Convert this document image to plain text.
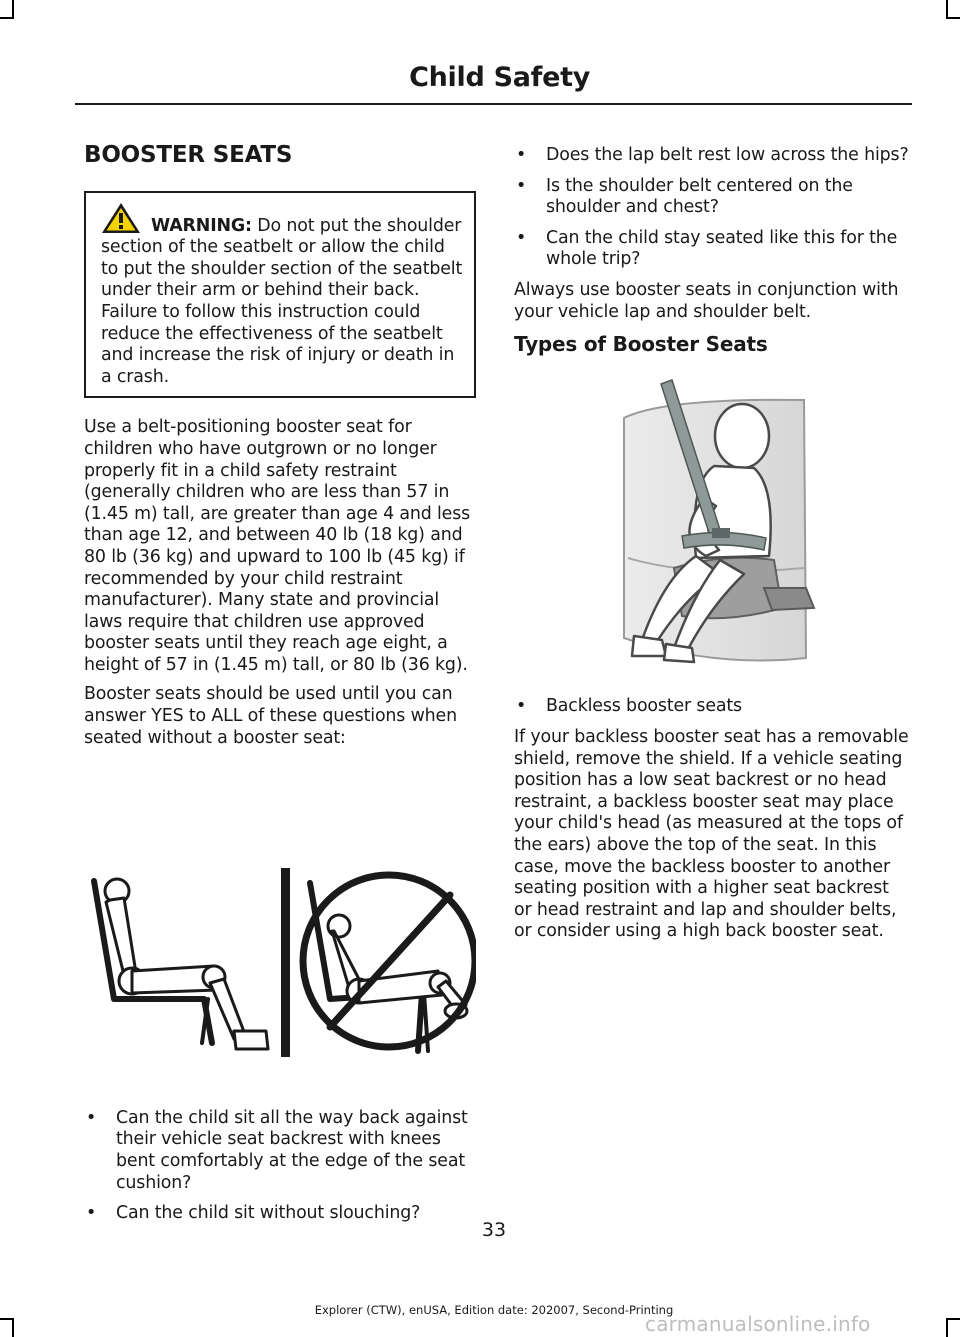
Child Safety
BOOSTER SEATS

WARNING: Do not put the shoulder section of the seatbelt or allow the child to put the shoulder section of the seatbelt under their arm or behind their back. Failure to follow this instruction could reduce the effectiveness of the seatbelt and increase the risk of injury or death in a crash.

Use a belt-positioning booster seat for children who have outgrown or no longer properly fit in a child safety restraint (generally children who are less than 57 in (1.45 m) tall, are greater than age 4 and less than age 12, and between 40 lb (18 kg) and 80 lb (36 kg) and upward to 100 lb (45 kg) if recommended by your child restraint manufacturer). Many state and provincial laws require that children use approved booster seats until they reach age eight, a height of 57 in (1.45 m) tall, or 80 lb (36 kg).

Booster seats should be used until you can answer YES to ALL of these questions when seated without a booster seat:

• Can the child sit all the way back against their vehicle seat backrest with knees bent comfortably at the edge of the seat cushion?
• Can the child sit without slouching?
• Does the lap belt rest low across the hips?
• Is the shoulder belt centered on the shoulder and chest?
• Can the child stay seated like this for the whole trip?

Always use booster seats in conjunction with your vehicle lap and shoulder belt.

Types of Booster Seats
• Backless booster seats

If your backless booster seat has a removable shield, remove the shield. If a vehicle seating position has a low seat backrest or no head restraint, a backless booster seat may place your child's head (as measured at the tops of the ears) above the top of the seat. In this case, move the backless booster to another seating position with a higher seat backrest or head restraint and lap and shoulder belts, or consider using a high back booster seat.

33
Explorer (CTW), enUSA, Edition date: 202007, Second-Printing
carmanualsonline.info
